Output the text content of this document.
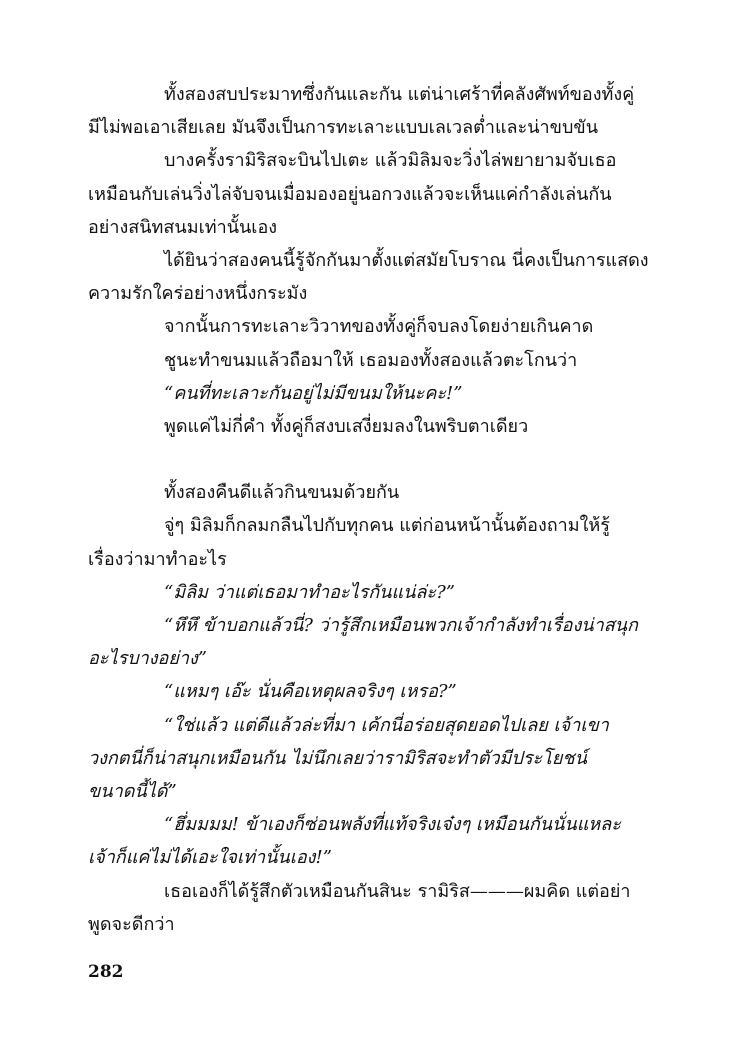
ทั้งสองสบประมาทซึ่งกันและกัน แต่น่าเศร้าที่คลังศัพท์ของทั้งคู่
มีไม่พอเอาเสียเลย มันจึงเป็นการทะเลาะแบบเลเวลต่ำและน่าขบขัน
บางครั้งรามิริสจะบินไปเตะ แล้วมิลิมจะวิ่งไล่พยายามจับเธอ
เหมือนกับเล่นวิ่งไล่จับจนเมื่อมองอยู่นอกวงแล้วจะเห็นแค่กำลังเล่นกัน
อย่างสนิทสนมเท่านั้นเอง
ได้ยินว่าสองคนนี้รู้จักกันมาตั้งแต่สมัยโบราณ นี่คงเป็นการแสดง
ความรักใคร่อย่างหนึ่งกระมัง
จากนั้นการทะเลาะวิวาทของทั้งคู่ก็จบลงโดยง่ายเกินคาด
ชูนะทำขนมแล้วถือมาให้ เธอมองทั้งสองแล้วตะโกนว่า
“คนที่ทะเลาะกันอยู่ไม่มีขนมให้นะคะ!”
พูดแค่ไม่กี่คำ ทั้งคู่ก็สงบเสงี่ยมลงในพริบตาเดียว
ทั้งสองคืนดีแล้วกินขนมด้วยกัน
จู่ๆ มิลิมก็กลมกลืนไปกับทุกคน แต่ก่อนหน้านั้นต้องถามให้รู้
เรื่องว่ามาทำอะไร
“มิลิม ว่าแต่เธอมาทำอะไรกันแน่ล่ะ?”
“หึหึ ข้าบอกแล้วนี่? ว่ารู้สึกเหมือนพวกเจ้ากำลังทำเรื่องน่าสนุก
อะไรบางอย่าง”
“แหมๆ เอ๊ะ นั่นคือเหตุผลจริงๆ เหรอ?”
“ใช่แล้ว แต่ดีแล้วล่ะที่มา เค้กนี่อร่อยสุดยอดไปเลย เจ้าเขา
วงกตนี่ก็น่าสนุกเหมือนกัน ไม่นึกเลยว่ารามิริสจะทำตัวมีประโยชน์
ขนาดนี้ได้”
“ฮึ่มมมม! ข้าเองก็ซ่อนพลังที่แท้จริงเจ๋งๆ เหมือนกันนั่นแหละ
เจ้าก็แค่ไม่ได้เอะใจเท่านั้นเอง!”
เธอเองก็ได้รู้สึกตัวเหมือนกันสินะ รามิริส———ผมคิด แต่อย่า
พูดจะดีกว่า
282
